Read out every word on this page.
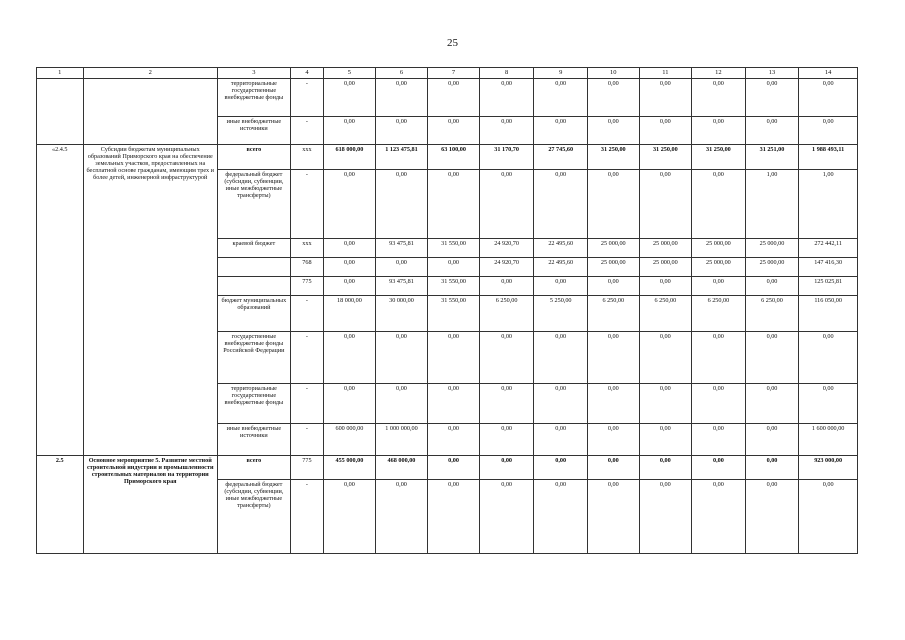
25
1	2	3	4	5	6	7	8	9	10	11	12	13	14
		территориальные государственные внебюджетные фонды	-	0,00	0,00	0,00	0,00	0,00	0,00	0,00	0,00	0,00	0,00
		иные внебюджетные источники	-	0,00	0,00	0,00	0,00	0,00	0,00	0,00	0,00	0,00	0,00
«2.4.5	Субсидии бюджетам муниципальных образований Приморского края на обеспечение земельных участков, предоставленных на бесплатной основе гражданам, имеющим трех и более детей, инженерной инфраструктурой	всего	ххх	618 000,00	1 123 475,81	63 100,00	31 170,70	27 745,60	31 250,00	31 250,00	31 250,00	31 251,00	1 988 493,11
		федеральный бюджет (субсидии, субвенции, иные межбюджетные трансферты)	-	0,00	0,00	0,00	0,00	0,00	0,00	0,00	0,00	1,00	1,00
		краевой бюджет	ххх	0,00	93 475,81	31 550,00	24 920,70	22 495,60	25 000,00	25 000,00	25 000,00	25 000,00	272 442,11
			768	0,00	0,00	0,00	24 920,70	22 495,60	25 000,00	25 000,00	25 000,00	25 000,00	147 416,30
			775	0,00	93 475,81	31 550,00	0,00	0,00	0,00	0,00	0,00	0,00	125 025,81
		бюджет муниципальных образований	-	18 000,00	30 000,00	31 550,00	6 250,00	5 250,00	6 250,00	6 250,00	6 250,00	6 250,00	116 050,00
		государственные внебюджетные фонды Российской Федерации	-	0,00	0,00	0,00	0,00	0,00	0,00	0,00	0,00	0,00	0,00
		территориальные государственные внебюджетные фонды	-	0,00	0,00	0,00	0,00	0,00	0,00	0,00	0,00	0,00	0,00
		иные внебюджетные источники	-	600 000,00	1 000 000,00	0,00	0,00	0,00	0,00	0,00	0,00	0,00	1 600 000,00
2.5	Основное мероприятие 5. Развитие местной строительной индустрии и промышленности строительных материалов на территории Приморского края	всего	775	455 000,00	468 000,00	0,00	0,00	0,00	0,00	0,00	0,00	0,00	923 000,00
		федеральный бюджет (субсидии, субвенции, иные межбюджетные трансферты)	-	0,00	0,00	0,00	0,00	0,00	0,00	0,00	0,00	0,00	0,00
